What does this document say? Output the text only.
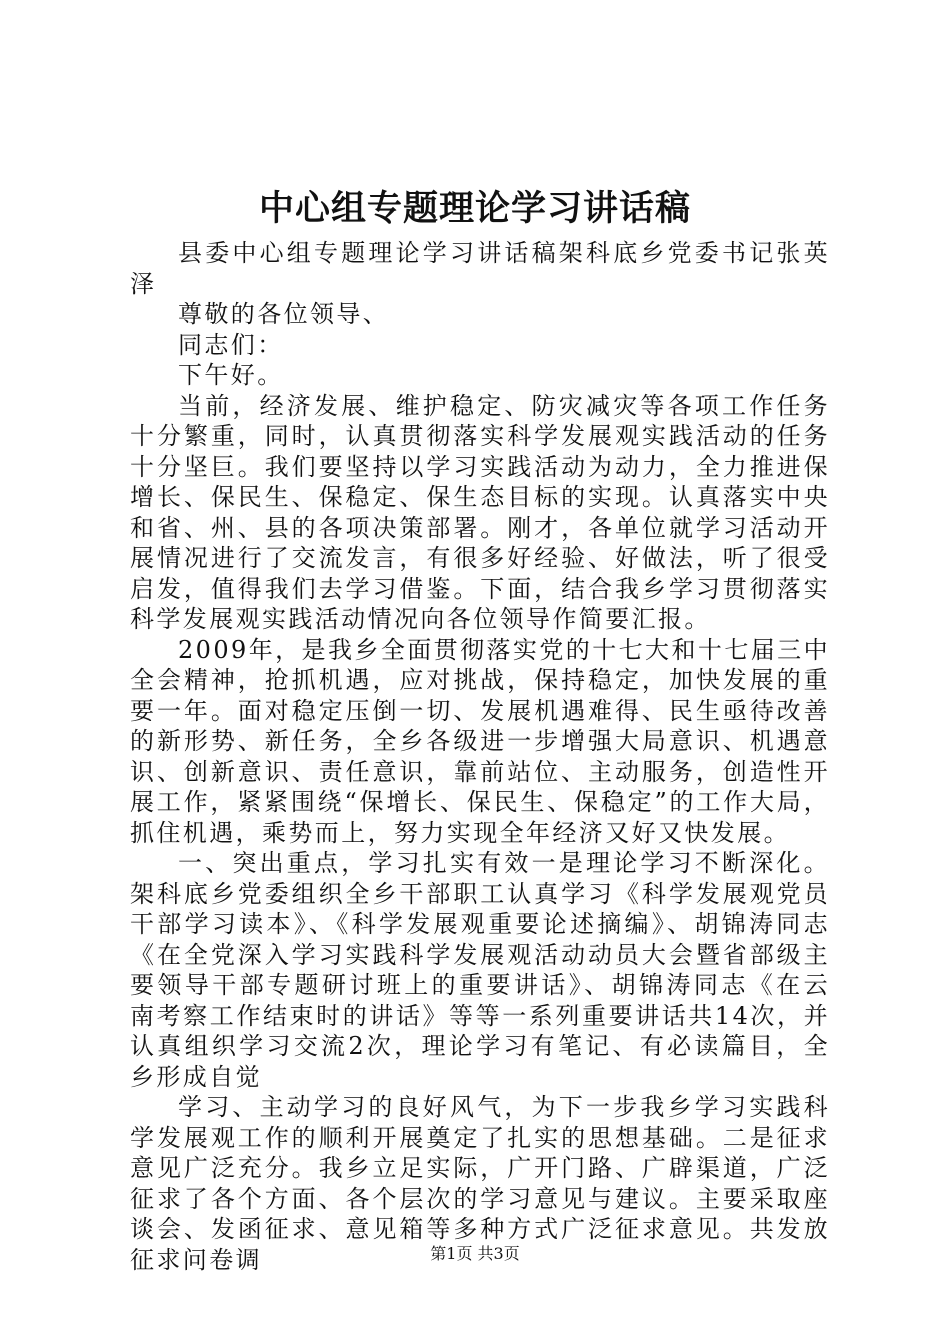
中心组专题理论学习讲话稿

县委中心组专题理论学习讲话稿架科底乡党委书记张英泽

尊敬的各位领导、

同志们：

下午好。

当前，经济发展、维护稳定、防灾减灾等各项工作任务十分繁重，同时，认真贯彻落实科学发展观实践活动的任务十分坚巨。我们要坚持以学习实践活动为动力，全力推进保增长、保民生、保稳定、保生态目标的实现。认真落实中央和省、州、县的各项决策部署。刚才，各单位就学习活动开展情况进行了交流发言，有很多好经验、好做法，听了很受启发，值得我们去学习借鉴。下面，结合我乡学习贯彻落实科学发展观实践活动情况向各位领导作简要汇报。

2009年，是我乡全面贯彻落实党的十七大和十七届三中全会精神，抢抓机遇，应对挑战，保持稳定，加快发展的重要一年。面对稳定压倒一切、发展机遇难得、民生亟待改善的新形势、新任务，全乡各级进一步增强大局意识、机遇意识、创新意识、责任意识，靠前站位、主动服务，创造性开展工作，紧紧围绕“保增长、保民生、保稳定”的工作大局，抓住机遇，乘势而上，努力实现全年经济又好又快发展。

一、突出重点，学习扎实有效一是理论学习不断深化。架科底乡党委组织全乡干部职工认真学习《科学发展观党员干部学习读本》、《科学发展观重要论述摘编》、胡锦涛同志《在全党深入学习实践科学发展观活动动员大会暨省部级主要领导干部专题研讨班上的重要讲话》、胡锦涛同志《在云南考察工作结束时的讲话》等等一系列重要讲话共14次，并认真组织学习交流2次，理论学习有笔记、有必读篇目，全乡形成自觉

学习、主动学习的良好风气，为下一步我乡学习实践科学发展观工作的顺利开展奠定了扎实的思想基础。二是征求意见广泛充分。我乡立足实际，广开门路、广辟渠道，广泛征求了各个方面、各个层次的学习意见与建议。主要采取座谈会、发函征求、意见箱等多种方式广泛征求意见。共发放征求问卷调	第1页 共3页
